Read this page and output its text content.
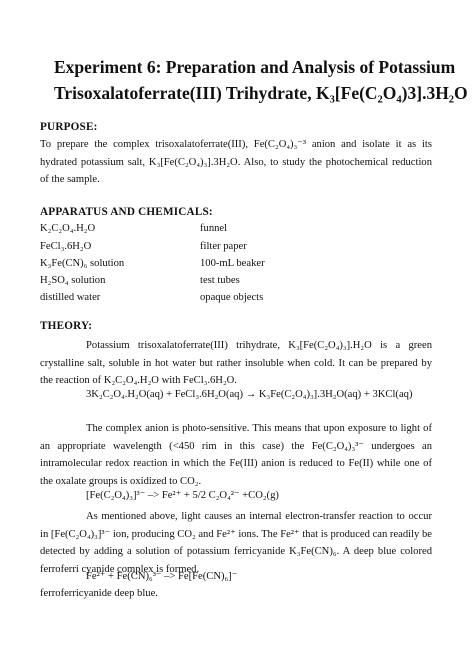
Experiment 6: Preparation and Analysis of Potassium
Trisoxalatoferrate(III) Trihydrate, K₃[Fe(C₂O₄)3].3H₂O
PURPOSE:
To prepare the complex trisoxalatoferrate(III), Fe(C₂O₄)₃⁻³ anion and isolate it as its hydrated potassium salt, K₃[Fe(C₂O₄)₃].3H₂O. Also, to study the photochemical reduction of the sample.
APPARATUS AND CHEMICALS:
K₂C₂O₄.H₂O	funnel
FeCl₃.6H₂O	filter paper
K₃Fe(CN)₆ solution	100-mL beaker
H₂SO₄ solution	test tubes
distilled water	opaque objects
THEORY:
Potassium trisoxalatoferrate(III) trihydrate, K₃[Fe(C₂O₄)₃].H₂O is a green crystalline salt, soluble in hot water but rather insoluble when cold. It can be prepared by the reaction of K₂C₂O₄.H₂O with FeCl₃.6H₂O.
3K₂C₂O₄.H₂O(aq) + FeCl₃.6H₂O(aq) → K₃Fe(C₂O₄)₃].3H₂O(aq) + 3KCl(aq)
The complex anion is photo-sensitive. This means that upon exposure to light of an appropriate wavelength (<450 rim in this case) the Fe(C₂O₄)₃³⁻ undergoes an intramolecular redox reaction in which the Fe(III) anion is reduced to Fe(II) while one of the oxalate groups is oxidized to CO₂.
[Fe(C₂O₄)₃]³⁻ –> Fe²⁺ + 5/2 C₂O₄²⁻ +CO₂(g)
As mentioned above, light causes an internal electron-transfer reaction to occur in [Fe(C₂O₄)₃]³⁻ ion, producing CO₂ and Fe²⁺ ions. The Fe²⁺ that is produced can readily be detected by adding a solution of potassium ferricyanide K₃Fe(CN)₆. A deep blue colored ferroferri cyanide complex is formed.
Fe²⁺ + Fe(CN)₆³⁻ –> Fe[Fe(CN)₆]⁻
ferroferricyanide deep blue.
